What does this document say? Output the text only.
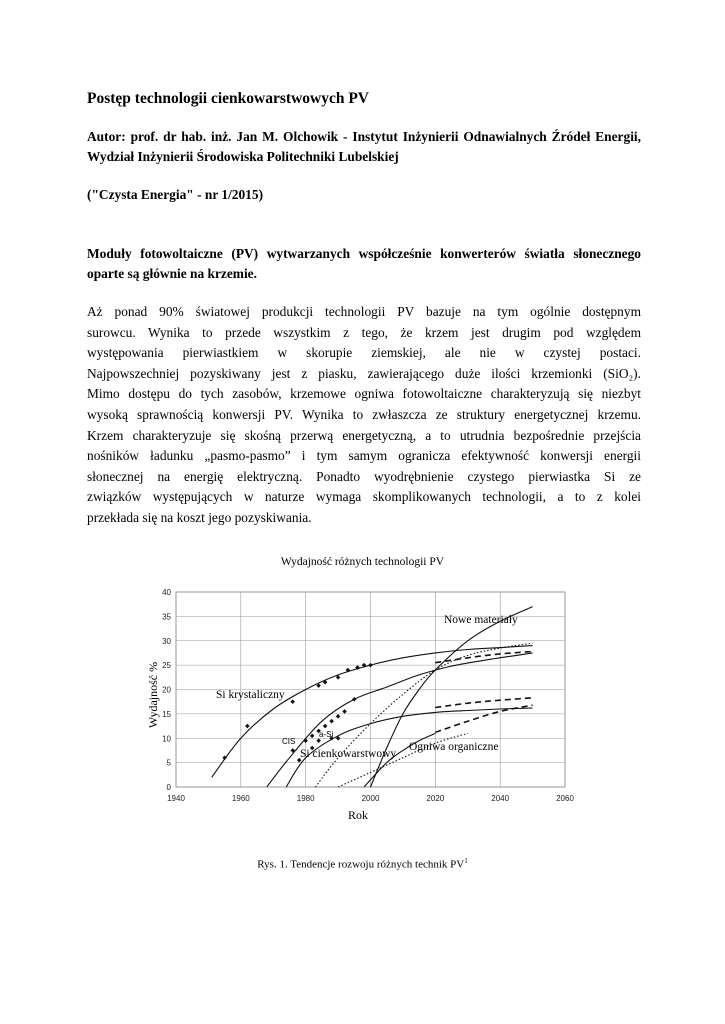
Postęp technologii cienkowarstwowych PV
Autor: prof. dr hab. inż. Jan M. Olchowik - Instytut Inżynierii Odnawialnych Źródeł Energii, Wydział Inżynierii Środowiska Politechniki Lubelskiej
("Czysta Energia" - nr 1/2015)
Moduły fotowoltaiczne (PV) wytwarzanych współcześnie konwerterów światła słonecznego oparte są głównie na krzemie.
Aż ponad 90% światowej produkcji technologii PV bazuje na tym ogólnie dostępnym
surowcu. Wynika to przede wszystkim z tego, że krzem jest drugim pod względem
występowania pierwiastkiem w skorupie ziemskiej, ale nie w czystej postaci.
Najpowszechniej pozyskiwany jest z piasku, zawierającego duże ilości krzemionki (SiO₂).
Mimo dostępu do tych zasobów, krzemowe ogniwa fotowoltaiczne charakteryzują się niezbyt
wysoką sprawnością konwersji PV. Wynika to zwłaszcza ze struktury energetycznej krzemu.
Krzem charakteryzuje się skośną przerwą energetyczną, a to utrudnia bezpośrednie przejścia
nośników ładunku „pasmo-pasmo” i tym samym ogranicza efektywność konwersji energii
słonecznej na energię elektryczną. Ponadto wyodrębnienie czystego pierwiastka Si ze
związków występujących w naturze wymaga skomplikowanych technologii, a to z kolei
przekłada się na koszt jego pozyskiwania.
Wydajność różnych technologii PV
0
5
10
15
20
25
30
35
40
1940	1960	1980	2000	2020	2040	2060
Si krystaliczny
Si cienkowarstwowy
CIS
a-Si
Ogniwa organiczne
Nowe materiały
Rok
Wydajność %
Rys. 1. Tendencje rozwoju różnych technik $PV^1$
